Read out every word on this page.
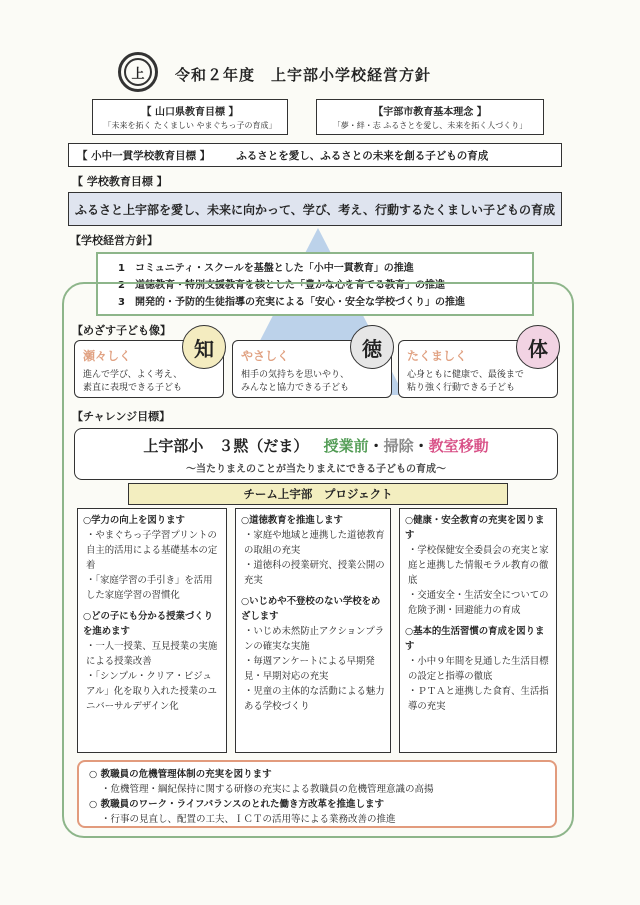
上	令和２年度　上宇部小学校経営方針
【 山口県教育目標 】
「未来を拓く たくましい やまぐちっ子の育成」
【宇部市教育基本理念 】
「夢・絆・志 ふるさとを愛し、未来を拓く人づくり」
【 小中一貫学校教育目標 】 ふるさとを愛し、ふるさとの未来を創る子どもの育成
【 学校教育目標 】
ふるさと上宇部を愛し、未来に向かって、学び、考え、行動するたくましい子どもの育成
【学校経営方針】
1　 コミュニティ・スクールを基盤とした「小中一貫教育」の推進
2　 道徳教育・特別支援教育を核とした「豊かな心を育てる教育」の推進
3　 開発的・予防的生徒指導の充実による「安心・安全な学校づくり」の推進
【めざす子ども像】
瀬々しく
進んで学び、よく考え、
素直に表現できる子ども
知 やさしく
相手の気持ちを思いやり、
みんなと協力できる子ども
徳 たくましく
心身ともに健康で、最後まで
粘り強く行動できる子ども
体
【チャレンジ目標】
上宇部小　３黙（だま） 授業前・掃除・教室移動
～当たりまえのことが当たりまえにできる子どもの育成～
チーム上宇部　プロジェクト
○学力の向上を図ります
・やまぐちっ子学習プリントの自主的活用による基礎基本の定着
・「家庭学習の手引き」を活用した家庭学習の習慣化
○どの子にも分かる授業づくりを進めます
・一人一授業、互見授業の実施による授業改善
・「シンプル・クリア・ビジュアル」化を取り入れた授業のユニバーサルデザイン化
○道徳教育を推進します
・家庭や地域と連携した道徳教育の取組の充実
・道徳科の授業研究、授業公開の充実
○いじめや不登校のない学校をめざします
・いじめ未然防止アクションプランの確実な実施
・毎週アンケートによる早期発見・早期対応の充実
・児童の主体的な活動による魅力ある学校づくり
○健康・安全教育の充実を図ります
・学校保健安全委員会の充実と家庭と連携した情報モラル教育の徹底
・交通安全・生活安全についての危険予測・回避能力の育成
○基本的生活習慣の育成を図ります
・小中９年間を見通した生活目標の設定と指導の徹底
・ＰＴＡと連携した食育、生活指導の充実
○ 教職員の危機管理体制の充実を図ります
・危機管理・綱紀保持に関する研修の充実による教職員の危機管理意識の高揚
○ 教職員のワーク・ライフバランスのとれた働き方改革を推進します
・行事の見直し、配置の工夫、ＩＣＴの活用等による業務改善の推進
